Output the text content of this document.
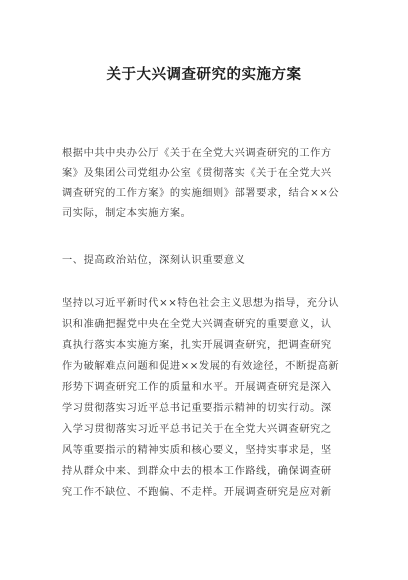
关于大兴调查研究的实施方案
根据中共中央办公厅《关于在全党大兴调查研究的工作方
案》及集团公司党组办公室《贯彻落实《关于在全党大兴
调查研究的工作方案》的实施细则》部署要求，结合××公
司实际，制定本实施方案。
一、提高政治站位，深刻认识重要意义
坚持以习近平新时代××特色社会主义思想为指导，充分认
识和准确把握党中央在全党大兴调查研究的重要意义，认
真执行落实本实施方案，扎实开展调查研究，把调查研究
作为破解难点问题和促进××发展的有效途径，不断提高新
形势下调查研究工作的质量和水平。开展调查研究是深入
学习贯彻落实习近平总书记重要指示精神的切实行动。深
入学习贯彻落实习近平总书记关于在全党大兴调查研究之
风等重要指示的精神实质和核心要义，坚持实事求是，坚
持从群众中来、到群众中去的根本工作路线，确保调查研
究工作不缺位、不跑偏、不走样。开展调查研究是应对新
